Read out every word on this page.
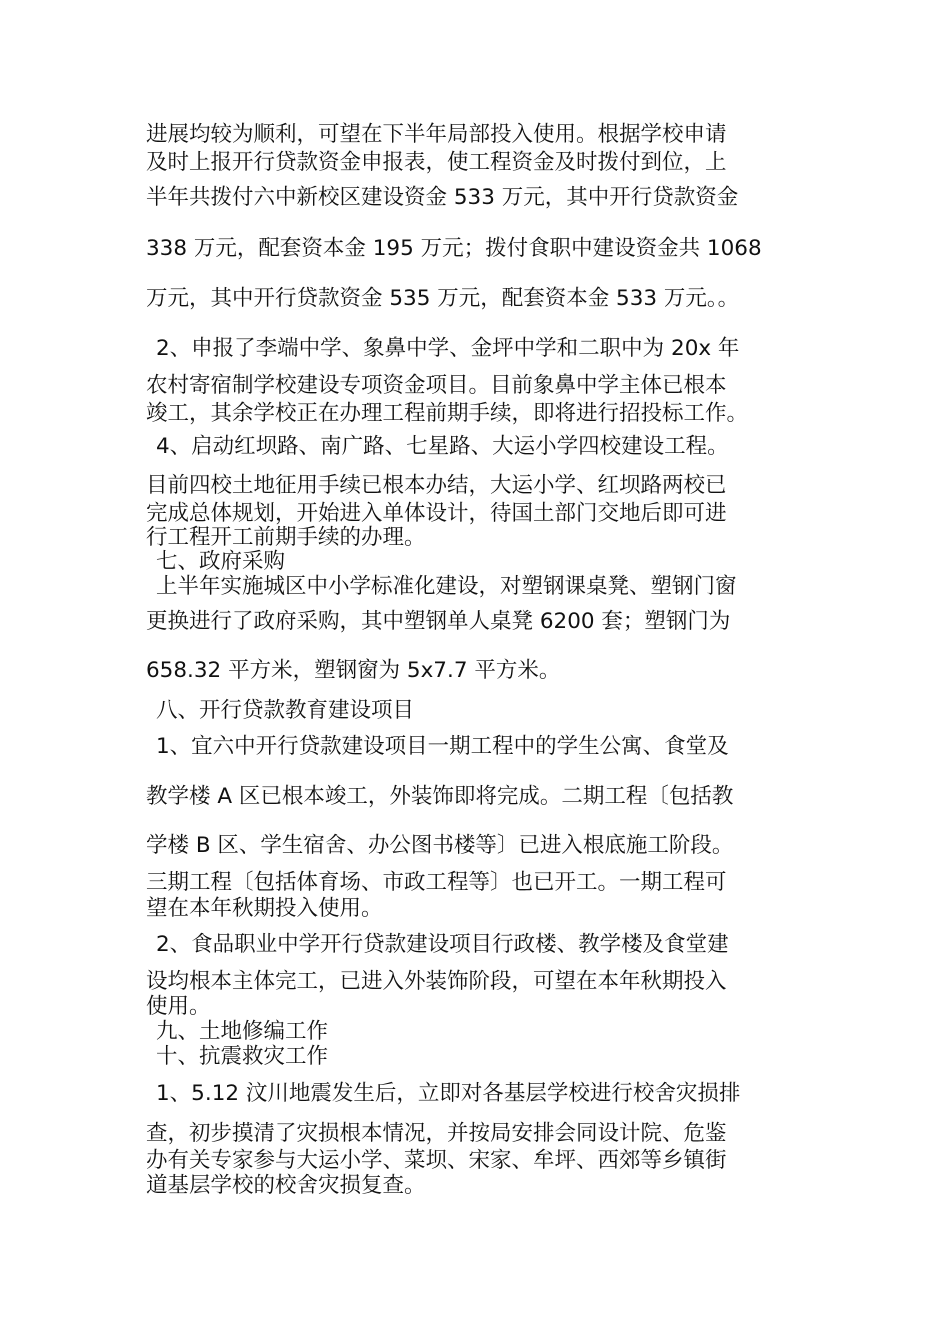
进展均较为顺利，可望在下半年局部投入使用。根据学校申请
及时上报开行贷款资金申报表，使工程资金及时拨付到位，上
半年共拨付六中新校区建设资金 533 万元，其中开行贷款资金
338 万元，配套资本金 195 万元；拨付食职中建设资金共 1068
万元，其中开行贷款资金 535 万元，配套资本金 533 万元。。
2、申报了李端中学、象鼻中学、金坪中学和二职中为 20x 年
农村寄宿制学校建设专项资金项目。目前象鼻中学主体已根本
竣工，其余学校正在办理工程前期手续，即将进行招投标工作。
4、启动红坝路、南广路、七星路、大运小学四校建设工程。
目前四校土地征用手续已根本办结，大运小学、红坝路两校已
完成总体规划，开始进入单体设计，待国土部门交地后即可进
行工程开工前期手续的办理。
七、政府采购
上半年实施城区中小学标准化建设，对塑钢课桌凳、塑钢门窗
更换进行了政府采购，其中塑钢单人桌凳 6200 套；塑钢门为
658.32 平方米，塑钢窗为 5x7.7 平方米。
八、开行贷款教育建设项目
1、宜六中开行贷款建设项目一期工程中的学生公寓、食堂及
教学楼 A 区已根本竣工，外装饰即将完成。二期工程〔包括教
学楼 B 区、学生宿舍、办公图书楼等〕已进入根底施工阶段。
三期工程〔包括体育场、市政工程等〕也已开工。一期工程可
望在本年秋期投入使用。
2、食品职业中学开行贷款建设项目行政楼、教学楼及食堂建
设均根本主体完工，已进入外装饰阶段，可望在本年秋期投入
使用。
九、土地修编工作
十、抗震救灾工作
1、5.12 汶川地震发生后，立即对各基层学校进行校舍灾损排
查，初步摸清了灾损根本情况，并按局安排会同设计院、危鉴
办有关专家参与大运小学、菜坝、宋家、牟坪、西郊等乡镇街
道基层学校的校舍灾损复查。
